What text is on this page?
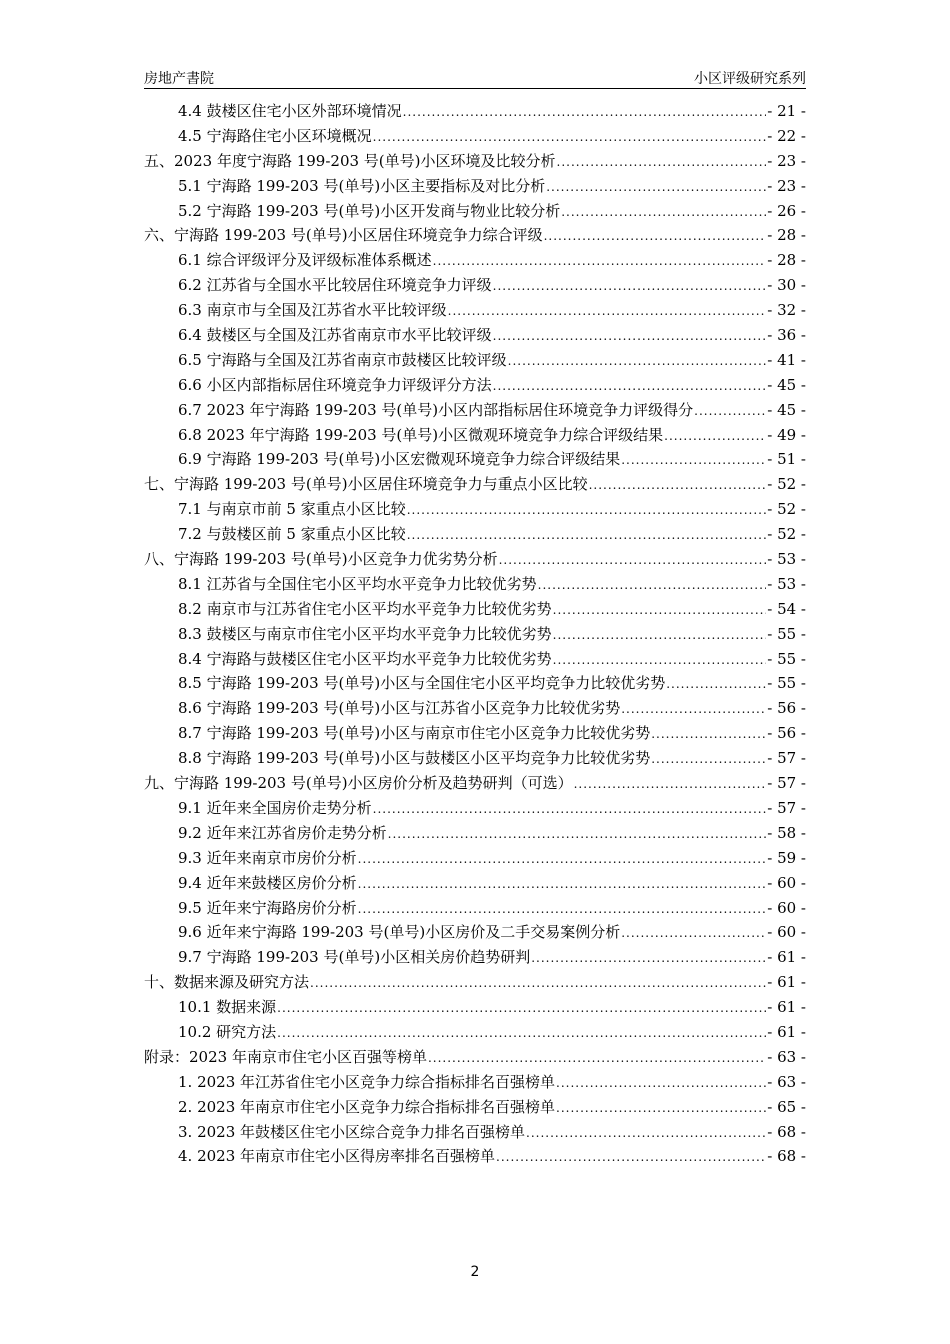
房地产書院	小区评级研究系列
4.4 鼓楼区住宅小区外部环境情况 .....	- 21 -
4.5 宁海路住宅小区环境概况 .....	- 22 -
五、2023 年度宁海路 199-203 号(单号)小区环境及比较分析 .....	- 23 -
5.1 宁海路 199-203 号(单号)小区主要指标及对比分析 .....	- 23 -
5.2 宁海路 199-203 号(单号)小区开发商与物业比较分析 .....	- 26 -
六、宁海路 199-203 号(单号)小区居住环境竞争力综合评级 .....	- 28 -
6.1 综合评级评分及评级标准体系概述 .....	- 28 -
6.2 江苏省与全国水平比较居住环境竞争力评级 .....	- 30 -
6.3 南京市与全国及江苏省水平比较评级 .....	- 32 -
6.4 鼓楼区与全国及江苏省南京市水平比较评级 .....	- 36 -
6.5 宁海路与全国及江苏省南京市鼓楼区比较评级 .....	- 41 -
6.6 小区内部指标居住环境竞争力评级评分方法 .....	- 45 -
6.7 2023 年宁海路 199-203 号(单号)小区内部指标居住环境竞争力评级得分 .....	- 45 -
6.8 2023 年宁海路 199-203 号(单号)小区微观环境竞争力综合评级结果 .....	- 49 -
6.9 宁海路 199-203 号(单号)小区宏微观环境竞争力综合评级结果 .....	- 51 -
七、宁海路 199-203 号(单号)小区居住环境竞争力与重点小区比较 .....	- 52 -
7.1 与南京市前 5 家重点小区比较 .....	- 52 -
7.2 与鼓楼区前 5 家重点小区比较 .....	- 52 -
八、宁海路 199-203 号(单号)小区竞争力优劣势分析 .....	- 53 -
8.1 江苏省与全国住宅小区平均水平竞争力比较优劣势 .....	- 53 -
8.2 南京市与江苏省住宅小区平均水平竞争力比较优劣势 .....	- 54 -
8.3 鼓楼区与南京市住宅小区平均水平竞争力比较优劣势 .....	- 55 -
8.4 宁海路与鼓楼区住宅小区平均水平竞争力比较优劣势 .....	- 55 -
8.5 宁海路 199-203 号(单号)小区与全国住宅小区平均竞争力比较优劣势 .....	- 55 -
8.6 宁海路 199-203 号(单号)小区与江苏省小区竞争力比较优劣势 .....	- 56 -
8.7 宁海路 199-203 号(单号)小区与南京市住宅小区竞争力比较优劣势 .....	- 56 -
8.8 宁海路 199-203 号(单号)小区与鼓楼区小区平均竞争力比较优劣势 .....	- 57 -
九、宁海路 199-203 号(单号)小区房价分析及趋势研判（可选） .....	- 57 -
9.1 近年来全国房价走势分析 .....	- 57 -
9.2 近年来江苏省房价走势分析 .....	- 58 -
9.3 近年来南京市房价分析 .....	- 59 -
9.4 近年来鼓楼区房价分析 .....	- 60 -
9.5 近年来宁海路房价分析 .....	- 60 -
9.6 近年来宁海路 199-203 号(单号)小区房价及二手交易案例分析 .....	- 60 -
9.7 宁海路 199-203 号(单号)小区相关房价趋势研判 .....	- 61 -
十、数据来源及研究方法 .....	- 61 -
10.1 数据来源 .....	- 61 -
10.2 研究方法 .....	- 61 -
附录：2023 年南京市住宅小区百强等榜单 .....	- 63 -
1. 2023 年江苏省住宅小区竞争力综合指标排名百强榜单 .....	- 63 -
2. 2023 年南京市住宅小区竞争力综合指标排名百强榜单 .....	- 65 -
3. 2023 年鼓楼区住宅小区综合竞争力排名百强榜单 .....	- 68 -
4. 2023 年南京市住宅小区得房率排名百强榜单 .....	- 68 -
2
